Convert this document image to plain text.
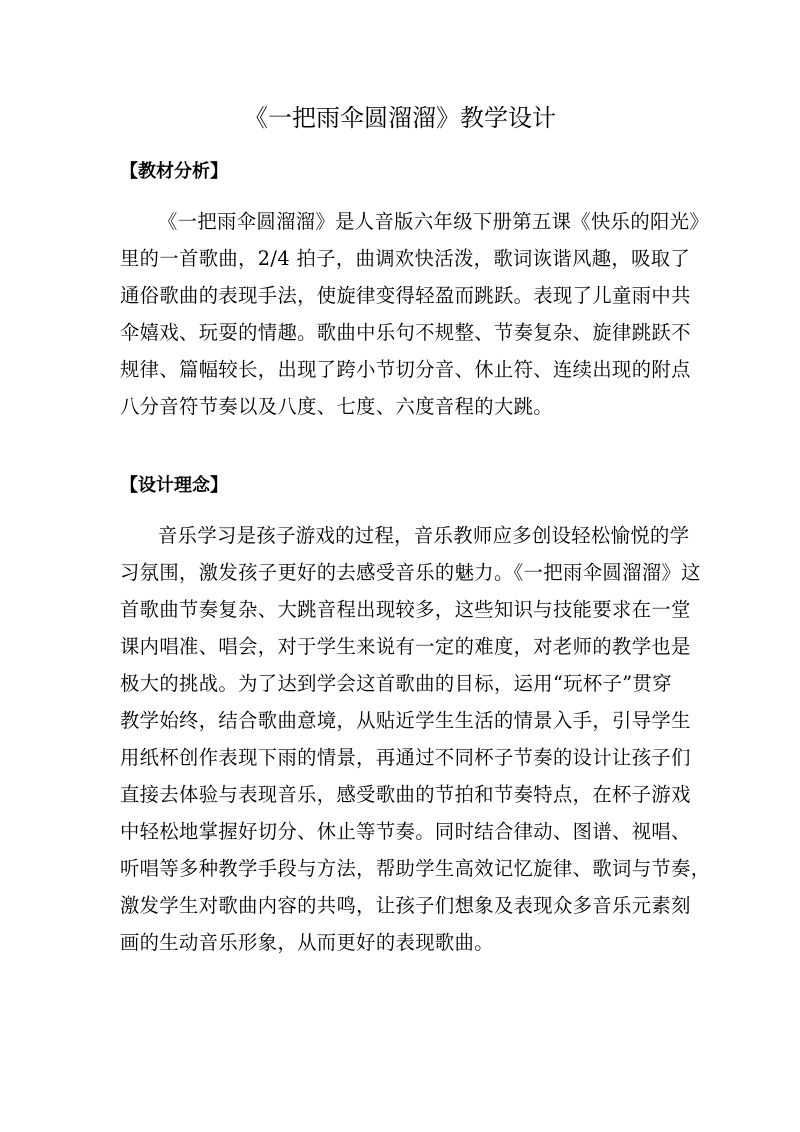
《一把雨伞圆溜溜》教学设计
【教材分析】
《一把雨伞圆溜溜》是人音版六年级下册第五课《快乐的阳光》
里的一首歌曲，2/4 拍子，曲调欢快活泼，歌词诙谐风趣，吸取了
通俗歌曲的表现手法，使旋律变得轻盈而跳跃。表现了儿童雨中共
伞嬉戏、玩耍的情趣。歌曲中乐句不规整、节奏复杂、旋律跳跃不
规律、篇幅较长，出现了跨小节切分音、休止符、连续出现的附点
八分音符节奏以及八度、七度、六度音程的大跳。
【设计理念】
音乐学习是孩子游戏的过程，音乐教师应多创设轻松愉悦的学
习氛围，激发孩子更好的去感受音乐的魅力。《一把雨伞圆溜溜》这
首歌曲节奏复杂、大跳音程出现较多，这些知识与技能要求在一堂
课内唱准、唱会，对于学生来说有一定的难度，对老师的教学也是
极大的挑战。为了达到学会这首歌曲的目标，运用“玩杯子”贯穿
教学始终，结合歌曲意境，从贴近学生生活的情景入手，引导学生
用纸杯创作表现下雨的情景，再通过不同杯子节奏的设计让孩子们
直接去体验与表现音乐，感受歌曲的节拍和节奏特点，在杯子游戏
中轻松地掌握好切分、休止等节奏。同时结合律动、图谱、视唱、
听唱等多种教学手段与方法，帮助学生高效记忆旋律、歌词与节奏，
激发学生对歌曲内容的共鸣，让孩子们想象及表现众多音乐元素刻
画的生动音乐形象，从而更好的表现歌曲。
